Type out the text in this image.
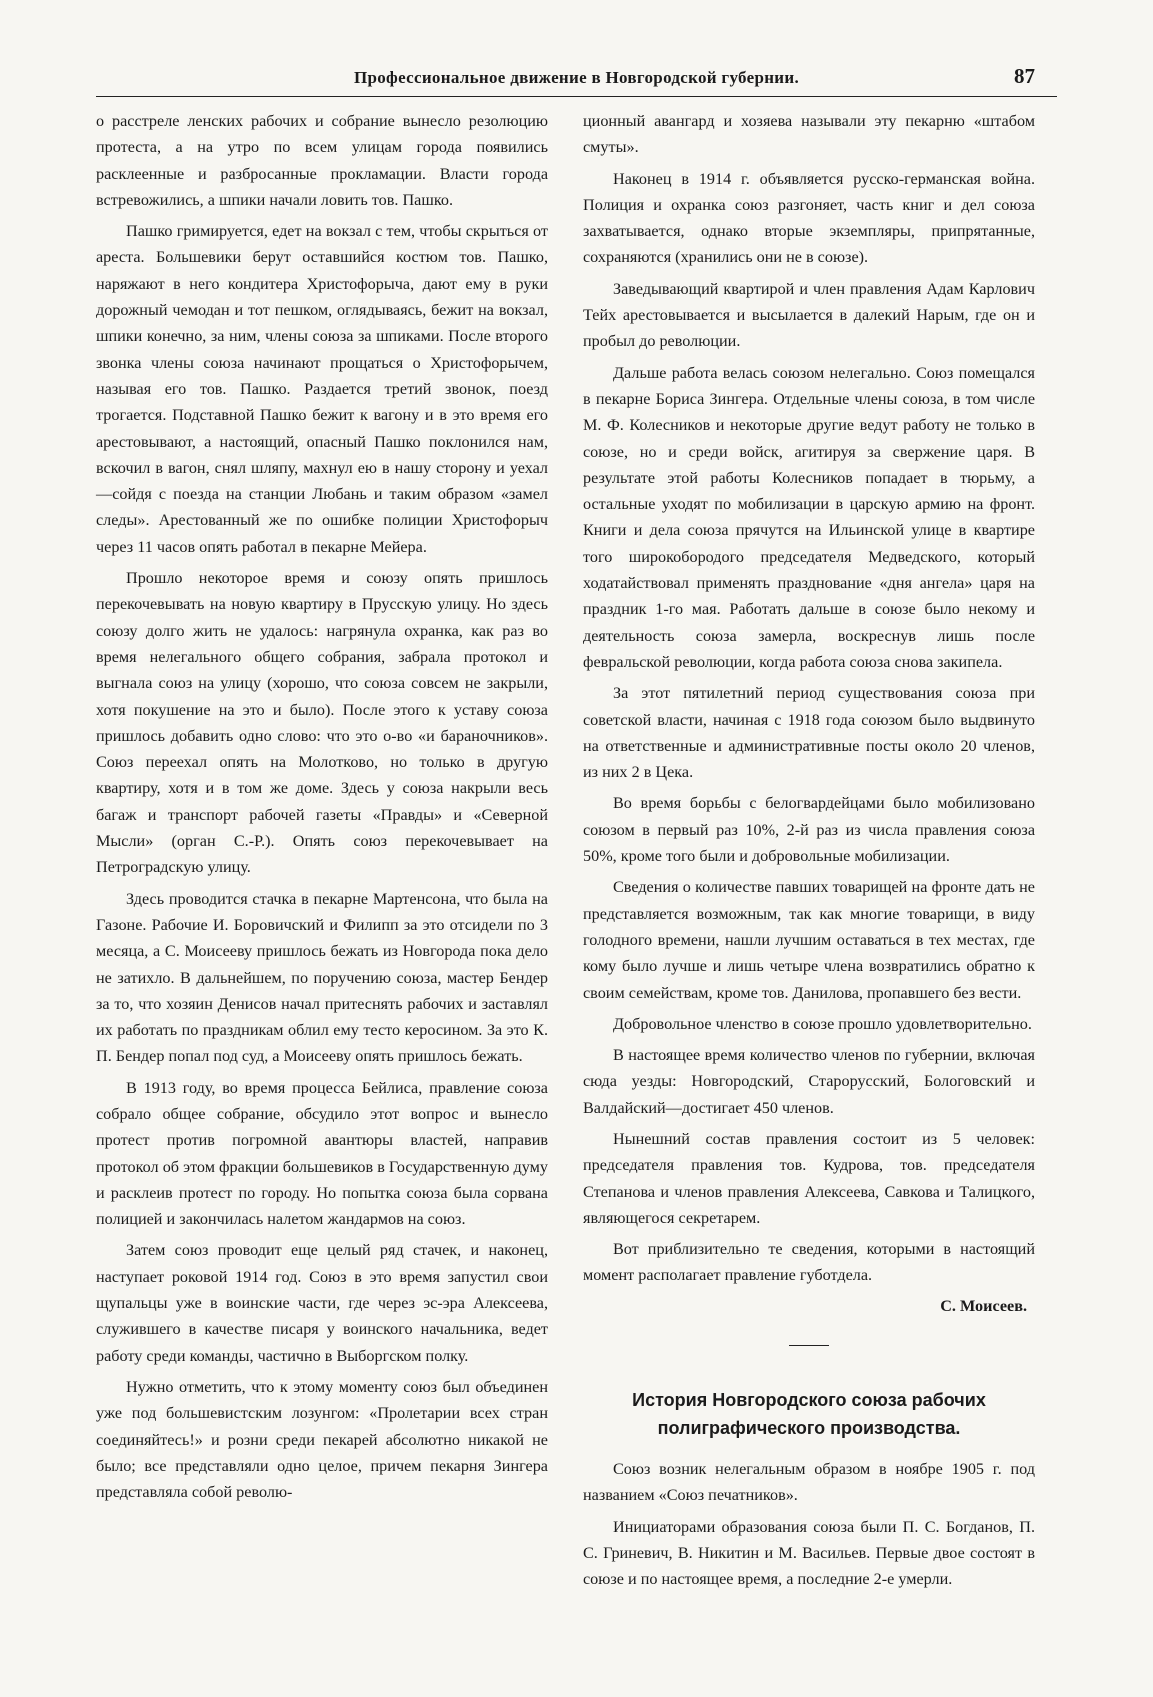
Профессиональное движение в Новгородской губернии.	87

о расстреле ленских рабочих и собрание вынесло резолюцию протеста, а на утро по всем улицам города появились расклеенные и разбросанные прокламации. Власти города встревожились, а шпики начали ловить тов. Пашко.

Пашко гримируется, едет на вокзал с тем, чтобы скрыться от ареста. Большевики берут оставшийся костюм тов. Пашко, наряжают в него кондитера Христофорыча, дают ему в руки дорожный чемодан и тот пешком, оглядываясь, бежит на вокзал, шпики конечно, за ним, члены союза за шпиками. После второго звонка члены союза начинают прощаться о Христофорычем, называя его тов. Пашко. Раздается третий звонок, поезд трогается. Подставной Пашко бежит к вагону и в это время его арестовывают, а настоящий, опасный Пашко поклонился нам, вскочил в вагон, снял шляпу, махнул ею в нашу сторону и уехал—сойдя с поезда на станции Любань и таким образом «замел следы». Арестованный же по ошибке полиции Христофорыч через 11 часов опять работал в пекарне Мейера.

Прошло некоторое время и союзу опять пришлось перекочевывать на новую квартиру в Прусскую улицу. Но здесь союзу долго жить не удалось: нагрянула охранка, как раз во время нелегального общего собрания, забрала протокол и выгнала союз на улицу (хорошо, что союза совсем не закрыли, хотя покушение на это и было). После этого к уставу союза пришлось добавить одно слово: что это о-во «и бараночников». Союз переехал опять на Молотково, но только в другую квартиру, хотя и в том же доме. Здесь у союза накрыли весь багаж и транспорт рабочей газеты «Правды» и «Северной Мысли» (орган С.-Р.). Опять союз перекочевывает на Петроградскую улицу.

Здесь проводится стачка в пекарне Мартенсона, что была на Газоне. Рабочие И. Боровичский и Филипп за это отсидели по 3 месяца, а С. Моисееву пришлось бежать из Новгорода пока дело не затихло. В дальнейшем, по поручению союза, мастер Бендер за то, что хозяин Денисов начал притеснять рабочих и заставлял их работать по праздникам облил ему тесто керосином. За это К. П. Бендер попал под суд, а Моисееву опять пришлось бежать.

В 1913 году, во время процесса Бейлиса, правление союза собрало общее собрание, обсудило этот вопрос и вынесло протест против погромной авантюры властей, направив протокол об этом фракции большевиков в Государственную думу и расклеив протест по городу. Но попытка союза была сорвана полицией и закончилась налетом жандармов на союз.

Затем союз проводит еще целый ряд стачек, и наконец, наступает роковой 1914 год. Союз в это время запустил свои щупальцы уже в воинские части, где через эс-эра Алексеева, служившего в качестве писаря у воинского начальника, ведет работу среди команды, частично в Выборгском полку.

Нужно отметить, что к этому моменту союз был объединен уже под большевистским лозунгом: «Пролетарии всех стран соединяйтесь!» и розни среди пекарей абсолютно никакой не было; все представляли одно целое, причем пекарня Зингера представляла собой револю-

ционный авангард и хозяева называли эту пекарню «штабом смуты».

Наконец в 1914 г. объявляется русско-германская война. Полиция и охранка союз разгоняет, часть книг и дел союза захватывается, однако вторые экземпляры, припрятанные, сохраняются (хранились они не в союзе).

Заведывающий квартирой и член правления Адам Карлович Тейх арестовывается и высылается в далекий Нарым, где он и пробыл до революции.

Дальше работа велась союзом нелегально. Союз помещался в пекарне Бориса Зингера. Отдельные члены союза, в том числе М. Ф. Колесников и некоторые другие ведут работу не только в союзе, но и среди войск, агитируя за свержение царя. В результате этой работы Колесников попадает в тюрьму, а остальные уходят по мобилизации в царскую армию на фронт. Книги и дела союза прячутся на Ильинской улице в квартире того широкобородого председателя Медведского, который ходатайствовал применять празднование «дня ангела» царя на праздник 1-го мая. Работать дальше в союзе было некому и деятельность союза замерла, воскреснув лишь после февральской революции, когда работа союза снова закипела.

За этот пятилетний период существования союза при советской власти, начиная с 1918 года союзом было выдвинуто на ответственные и административные посты около 20 членов, из них 2 в Цека.

Во время борьбы с белогвардейцами было мобилизовано союзом в первый раз 10%, 2-й раз из числа правления союза 50%, кроме того были и добровольные мобилизации.

Сведения о количестве павших товарищей на фронте дать не представляется возможным, так как многие товарищи, в виду голодного времени, нашли лучшим оставаться в тех местах, где кому было лучше и лишь четыре члена возвратились обратно к своим семействам, кроме тов. Данилова, пропавшего без вести.

Добровольное членство в союзе прошло удовлетворительно.

В настоящее время количество членов по губернии, включая сюда уезды: Новгородский, Старорусский, Бологовский и Валдайский—достигает 450 членов.

Нынешний состав правления состоит из 5 человек: председателя правления тов. Кудрова, тов. председателя Степанова и членов правления Алексеева, Савкова и Талицкого, являющегося секретарем.

Вот приблизительно те сведения, которыми в настоящий момент располагает правление губотдела.

С. Моисеев.
История Новгородского союза рабочих полиграфического производства.

Союз возник нелегальным образом в ноябре 1905 г. под названием «Союз печатников».

Инициаторами образования союза были П. С. Богданов, П. С. Гриневич, В. Никитин и М. Васильев. Первые двое состоят в союзе и по настоящее время, а последние 2-е умерли.
